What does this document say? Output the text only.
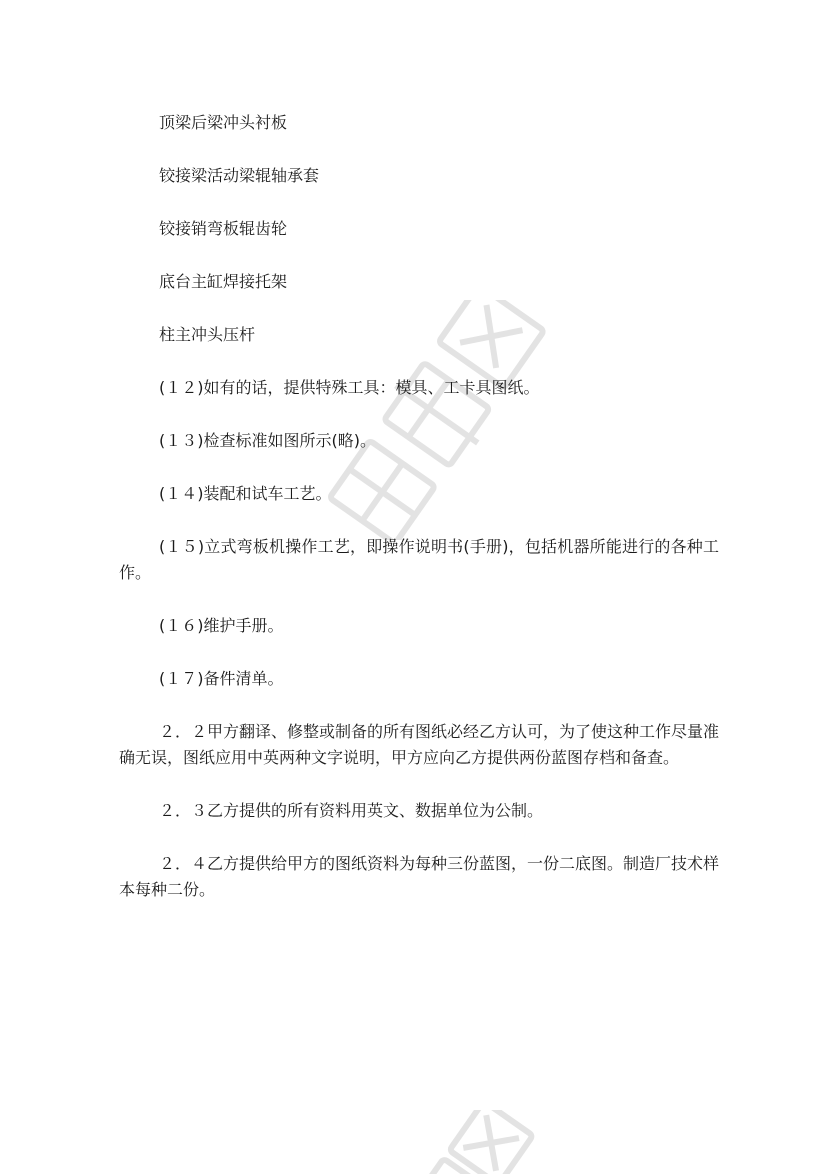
顶梁后梁冲头衬板

铰接梁活动梁辊轴承套

铰接销弯板辊齿轮

底台主缸焊接托架

柱主冲头压杆

(１２)如有的话，提供特殊工具：模具、工卡具图纸。

(１３)检查标准如图所示(略)。

(１４)装配和试车工艺。

(１５)立式弯板机操作工艺，即操作说明书(手册)，包括机器所能进行的各种工作。

(１６)维护手册。

(１７)备件清单。

２．２甲方翻译、修整或制备的所有图纸必经乙方认可，为了使这种工作尽量准确无误，图纸应用中英两种文字说明，甲方应向乙方提供两份蓝图存档和备查。

２．３乙方提供的所有资料用英文、数据单位为公制。

２．４乙方提供给甲方的图纸资料为每种三份蓝图，一份二底图。制造厂技术样本每种二份。
